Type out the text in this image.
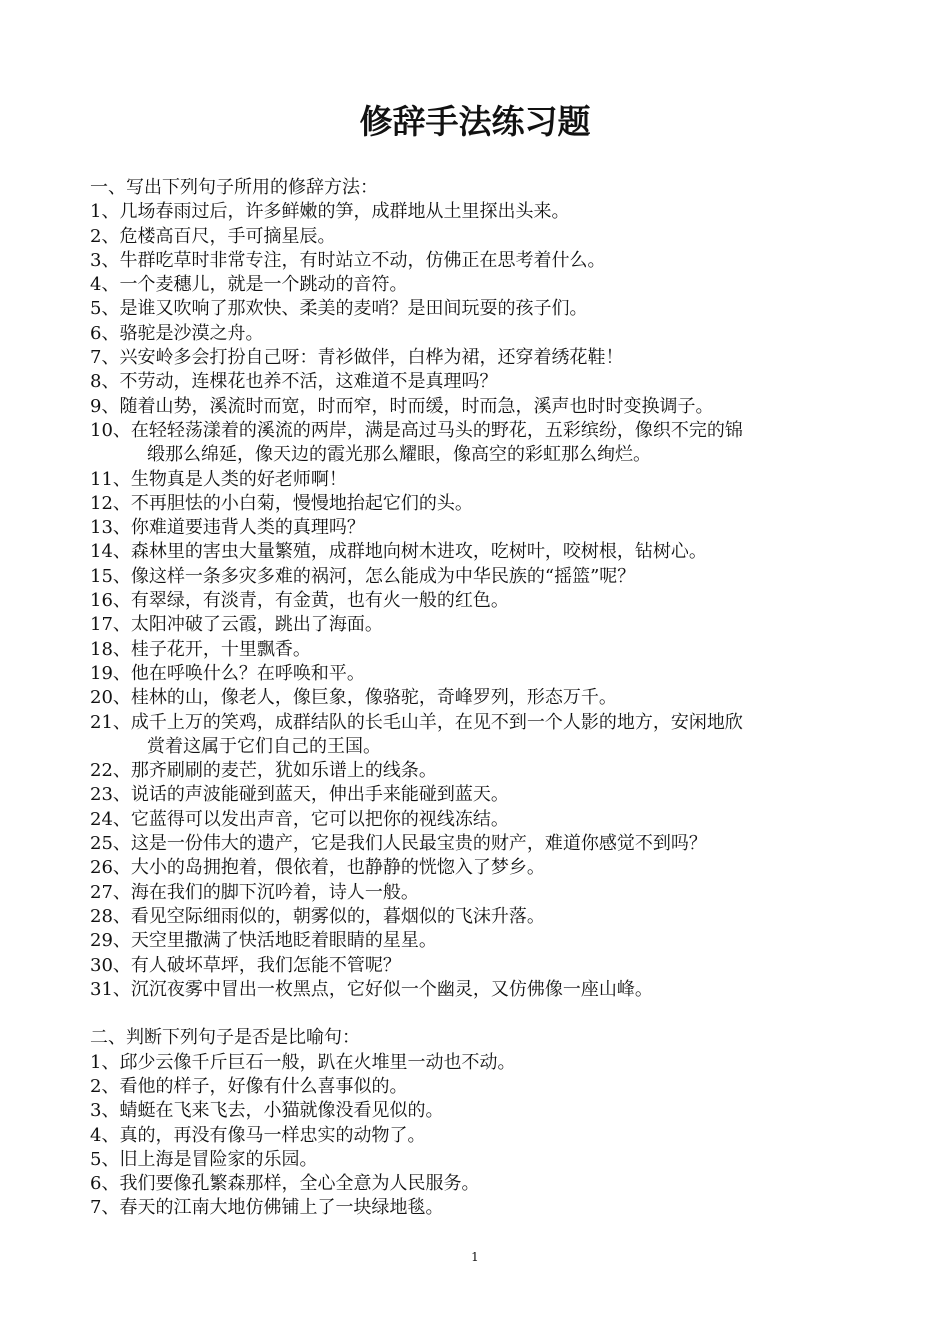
修辞手法练习题
一、写出下列句子所用的修辞方法：
1、几场春雨过后，许多鲜嫩的笋，成群地从土里探出头来。
2、危楼高百尺，手可摘星辰。
3、牛群吃草时非常专注，有时站立不动，仿佛正在思考着什么。
4、一个麦穗儿，就是一个跳动的音符。
5、是谁又吹响了那欢快、柔美的麦哨？是田间玩耍的孩子们。
6、骆驼是沙漠之舟。
7、兴安岭多会打扮自己呀：青衫做伴，白桦为裙，还穿着绣花鞋！
8、不劳动，连棵花也养不活，这难道不是真理吗？
9、随着山势，溪流时而宽，时而窄，时而缓，时而急，溪声也时时变换调子。
10、在轻轻荡漾着的溪流的两岸，满是高过马头的野花，五彩缤纷，像织不完的锦
缎那么绵延，像天边的霞光那么耀眼，像高空的彩虹那么绚烂。
11、生物真是人类的好老师啊！
12、不再胆怯的小白菊，慢慢地抬起它们的头。
13、你难道要违背人类的真理吗？
14、森林里的害虫大量繁殖，成群地向树木进攻，吃树叶，咬树根，钻树心。
15、像这样一条多灾多难的祸河，怎么能成为中华民族的“摇篮”呢？
16、有翠绿，有淡青，有金黄，也有火一般的红色。
17、太阳冲破了云霞，跳出了海面。
18、桂子花开，十里飘香。
19、他在呼唤什么？在呼唤和平。
20、桂林的山，像老人，像巨象，像骆驼，奇峰罗列，形态万千。
21、成千上万的笑鸡，成群结队的长毛山羊，在见不到一个人影的地方，安闲地欣
赏着这属于它们自己的王国。
22、那齐刷刷的麦芒，犹如乐谱上的线条。
23、说话的声波能碰到蓝天，伸出手来能碰到蓝天。
24、它蓝得可以发出声音，它可以把你的视线冻结。
25、这是一份伟大的遗产，它是我们人民最宝贵的财产，难道你感觉不到吗？
26、大小的岛拥抱着，偎依着，也静静的恍惚入了梦乡。
27、海在我们的脚下沉吟着，诗人一般。
28、看见空际细雨似的，朝雾似的，暮烟似的飞沫升落。
29、天空里撒满了快活地眨着眼睛的星星。
30、有人破坏草坪，我们怎能不管呢？
31、沉沉夜雾中冒出一枚黑点，它好似一个幽灵，又仿佛像一座山峰。
二、判断下列句子是否是比喻句：
1、邱少云像千斤巨石一般，趴在火堆里一动也不动。
2、看他的样子，好像有什么喜事似的。
3、蜻蜓在飞来飞去，小猫就像没看见似的。
4、真的，再没有像马一样忠实的动物了。
5、旧上海是冒险家的乐园。
6、我们要像孔繁森那样，全心全意为人民服务。
7、春天的江南大地仿佛铺上了一块绿地毯。
1
